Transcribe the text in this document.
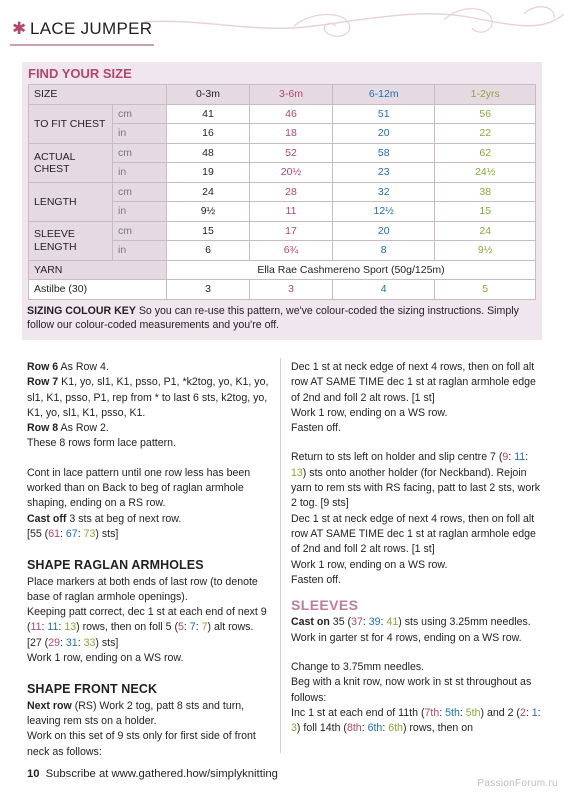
✱ LACE JUMPER
FIND YOUR SIZE
SIZE		0-3m	3-6m	6-12m	1-2yrs
TO FIT CHEST	cm	41	46	51	56
	in	16	18	20	22
ACTUAL CHEST	cm	48	52	58	62
	in	19	20½	23	24½
LENGTH	cm	24	28	32	38
	in	9½	11	12½	15
SLEEVE LENGTH	cm	15	17	20	24
	in	6	6¾	8	9½
YARN		Ella Rae Cashmereno Sport (50g/125m)			
Astilbe (30)		3	3	4	5
SIZING COLOUR KEY So you can re-use this pattern, we've colour-coded the sizing instructions. Simply follow our colour-coded measurements and you're off.

Row 6 As Row 4.

Row 7 K1, yo, sl1, K1, psso, P1, *k2tog, yo, K1, yo, sl1, K1, psso, P1, rep from * to last 6 sts, k2tog, yo, K1, yo, sl1, K1, psso, K1.

Row 8 As Row 2.

These 8 rows form lace pattern.

Cont in lace pattern until one row less has been worked than on Back to beg of raglan armhole shaping, ending on a RS row.

Cast off 3 sts at beg of next row.

[55 (61: 67: 73) sts]

SHAPE RAGLAN ARMHOLES

Place markers at both ends of last row (to denote base of raglan armhole openings).

Keeping patt correct, dec 1 st at each end of next 9 (11: 11: 13) rows, then on foll 5 (5: 7: 7) alt rows.

[27 (29: 31: 33) sts]

Work 1 row, ending on a WS row.

SHAPE FRONT NECK

Next row (RS) Work 2 tog, patt 8 sts and turn, leaving rem sts on a holder.

Work on this set of 9 sts only for first side of front neck as follows:

Dec 1 st at neck edge of next 4 rows, then on foll alt row AT SAME TIME dec 1 st at raglan armhole edge of 2nd and foll 2 alt rows. [1 st]

Work 1 row, ending on a WS row.

Fasten off.

Return to sts left on holder and slip centre 7 (9: 11: 13) sts onto another holder (for Neckband). Rejoin yarn to rem sts with RS facing, patt to last 2 sts, work 2 tog. [9 sts]

Dec 1 st at neck edge of next 4 rows, then on foll alt row AT SAME TIME dec 1 st at raglan armhole edge of 2nd and foll 2 alt rows. [1 st]

Work 1 row, ending on a WS row.

Fasten off.

SLEEVES

Cast on 35 (37: 39: 41) sts using 3.25mm needles.

Work in garter st for 4 rows, ending on a WS row.

Change to 3.75mm needles.

Beg with a knit row, now work in st st throughout as follows:

Inc 1 st at each end of 11th (7th: 5th: 5th) and 2 (2: 1: 3) foll 14th (8th: 6th: 6th) rows, then on

10 Subscribe at www.gathered.how/simplyknitting
PassionForum.ru
